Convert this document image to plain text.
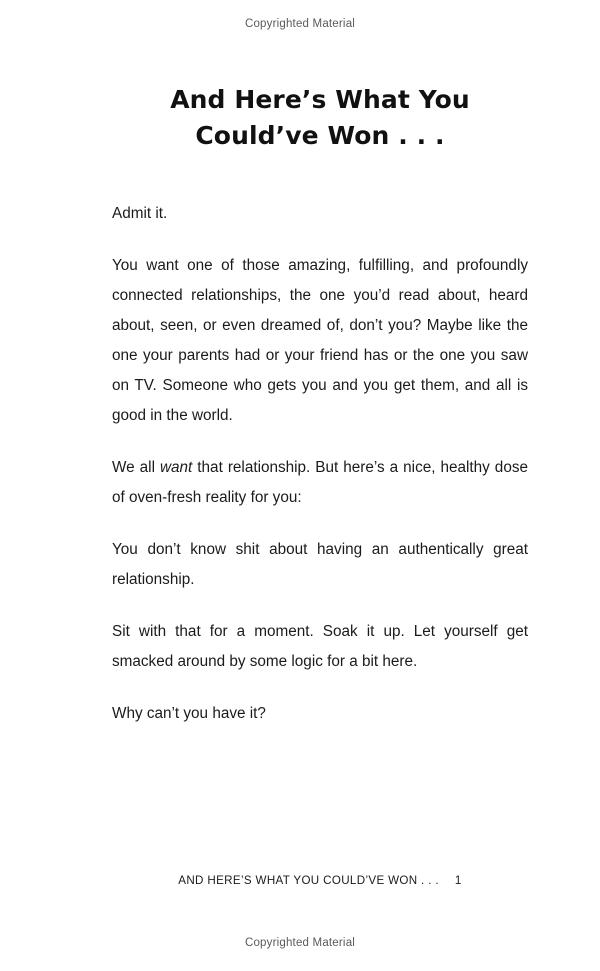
Copyrighted Material
And Here’s What You
Could’ve Won . . .

Admit it.

You want one of those amazing, fulfilling, and profoundly connected relationships, the one you’d read about, heard about, seen, or even dreamed of, don’t you? Maybe like the one your parents had or your friend has or the one you saw on TV. Someone who gets you and you get them, and all is good in the world.

We all want that relationship. But here’s a nice, healthy dose of oven-fresh reality for you:

You don’t know shit about having an authentically great relationship.

Sit with that for a moment. Soak it up. Let yourself get smacked around by some logic for a bit here.

Why can’t you have it?

AND HERE’S WHAT YOU COULD’VE WON . . . 1
Copyrighted Material
